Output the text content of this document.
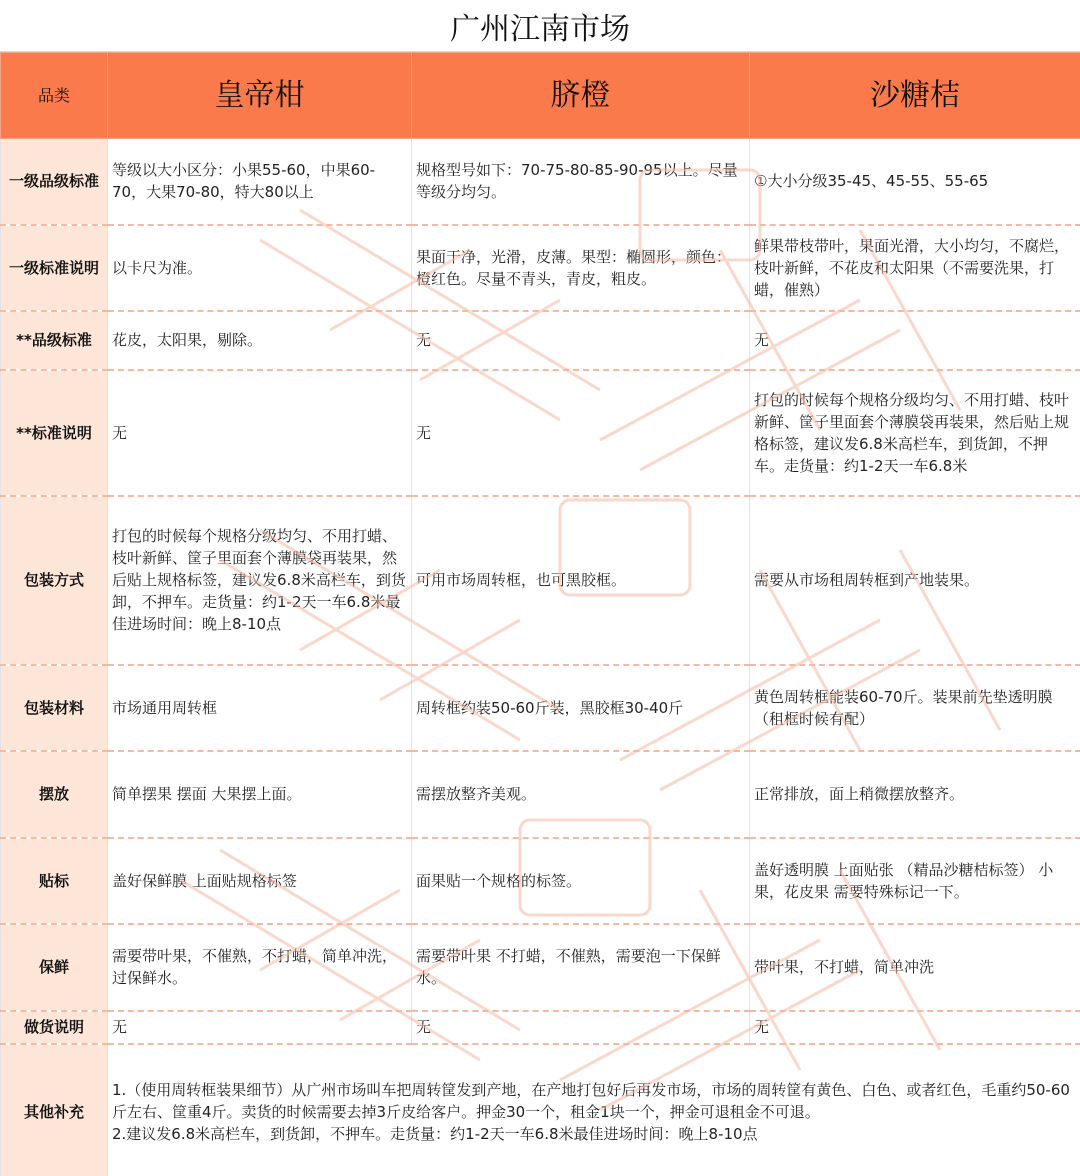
广州江南市场
品类	皇帝柑	脐橙	沙糖桔
一级品级标准	等级以大小区分：小果55-60，中果60-70，大果70-80，特大80以上	规格型号如下：70-75-80-85-90-95以上。尽量等级分均匀。	①大小分级35-45、45-55、55-65
一级标准说明	以卡尺为准。	果面干净，光滑，皮薄。果型：椭圆形，颜色：橙红色。尽量不青头，青皮，粗皮。	鲜果带枝带叶，果面光滑，大小均匀，不腐烂，枝叶新鲜，不花皮和太阳果（不需要洗果，打蜡，催熟）
**品级标准	花皮，太阳果，剔除。	无	无
**标准说明	无	无	打包的时候每个规格分级均匀、不用打蜡、枝叶新鲜、筐子里面套个薄膜袋再装果，然后贴上规格标签，建议发6.8米高栏车，到货卸，不押车。走货量：约1-2天一车6.8米
包装方式	打包的时候每个规格分级均匀、不用打蜡、枝叶新鲜、筐子里面套个薄膜袋再装果，然后贴上规格标签，建议发6.8米高栏车，到货卸，不押车。走货量：约1-2天一车6.8米最佳进场时间：晚上8-10点	可用市场周转框，也可黑胶框。	需要从市场租周转框到产地装果。
包装材料	市场通用周转框	周转框约装50-60斤装，黑胶框30-40斤	黄色周转框能装60-70斤。装果前先垫透明膜（租框时候有配）
摆放	简单摆果 摆面 大果摆上面。	需摆放整齐美观。	正常排放，面上稍微摆放整齐。
贴标	盖好保鲜膜 上面贴规格标签	面果贴一个规格的标签。	盖好透明膜 上面贴张 （精品沙糖桔标签） 小果，花皮果 需要特殊标记一下。
保鲜	需要带叶果，不催熟，不打蜡，简单冲洗，过保鲜水。	需要带叶果 不打蜡，不催熟，需要泡一下保鲜水。	带叶果，不打蜡，简单冲洗
做货说明	无	无	无
其他补充	1.（使用周转框装果细节）从广州市场叫车把周转筐发到产地，在产地打包好后再发市场，市场的周转筐有黄色、白色、或者红色，毛重约50-60斤左右、筐重4斤。卖货的时候需要去掉3斤皮给客户。押金30一个，租金1块一个，押金可退租金不可退。
2.建议发6.8米高栏车，到货卸，不押车。走货量：约1-2天一车6.8米最佳进场时间：晚上8-10点		
